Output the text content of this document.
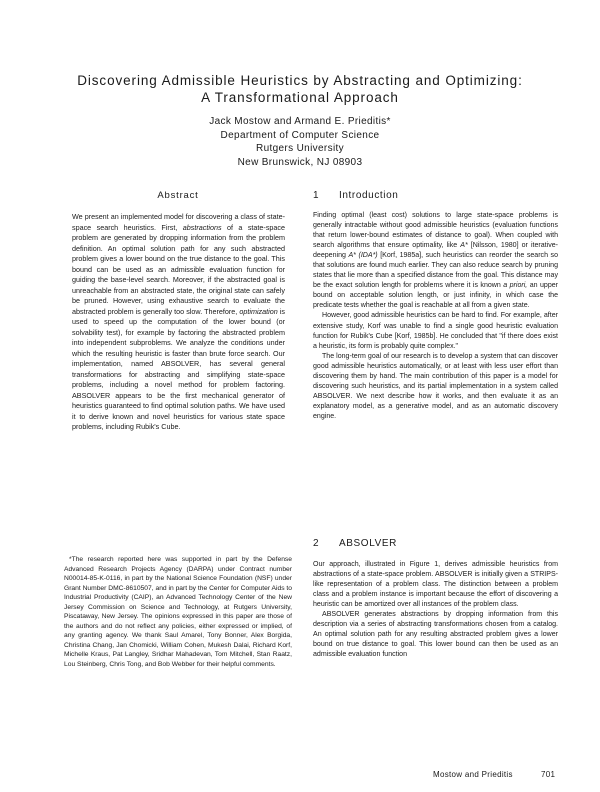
Discovering Admissible Heuristics by Abstracting and Optimizing:
A Transformational Approach
Jack Mostow and Armand E. Prieditis*
Department of Computer Science
Rutgers University
New Brunswick, NJ 08903
Abstract

We present an implemented model for discovering a class of state-space search heuristics. First, abstractions of a state-space problem are generated by dropping information from the problem definition. An optimal solution path for any such abstracted problem gives a lower bound on the true distance to the goal. This bound can be used as an admissible evaluation function for guiding the base-level search. Moreover, if the abstracted goal is unreachable from an abstracted state, the original state can safely be pruned. However, using exhaustive search to evaluate the abstracted problem is generally too slow. Therefore, optimization is used to speed up the computation of the lower bound (or solvability test), for example by factoring the abstracted problem into independent subproblems. We analyze the conditions under which the resulting heuristic is faster than brute force search. Our implementation, named ABSOLVER, has several general transformations for abstracting and simplifying state-space problems, including a novel method for problem factoring. ABSOLVER appears to be the first mechanical generator of heuristics guaranteed to find optimal solution paths. We have used it to derive known and novel heuristics for various state space problems, including Rubik's Cube.

*The research reported here was supported in part by the Defense Advanced Research Projects Agency (DARPA) under Contract number N00014-85-K-0116, in part by the National Science Foundation (NSF) under Grant Number DMC-8610507, and in part by the Center for Computer Aids to Industrial Productivity (CAIP), an Advanced Technology Center of the New Jersey Commission on Science and Technology, at Rutgers University, Piscataway, New Jersey. The opinions expressed in this paper are those of the authors and do not reflect any policies, either expressed or implied, of any granting agency. We thank Saul Amarel, Tony Bonner, Alex Borgida, Christina Chang, Jan Chomicki, William Cohen, Mukesh Dalai, Richard Korf, Michelle Kraus, Pat Langley, Sridhar Mahadevan, Tom Mitchell, Stan Raatz, Lou Steinberg, Chris Tong, and Bob Webber for their helpful comments.

1 Introduction

Finding optimal (least cost) solutions to large state-space problems is generally intractable without good admissible heuristics (evaluation functions that return lower-bound estimates of distance to goal). When coupled with search algorithms that ensure optimality, like A* [Nilsson, 1980] or iterative-deepening A* (IDA*) [Korf, 1985a], such heuristics can reorder the search so that solutions are found much earlier. They can also reduce search by pruning states that lie more than a specified distance from the goal. This distance may be the exact solution length for problems where it is known a priori, an upper bound on acceptable solution length, or just infinity, in which case the predicate tests whether the goal is reachable at all from a given state.

However, good admissible heuristics can be hard to find. For example, after extensive study, Korf was unable to find a single good heuristic evaluation function for Rubik's Cube [Korf, 1985b]. He concluded that "if there does exist a heuristic, its form is probably quite complex."

The long-term goal of our research is to develop a system that can discover good admissible heuristics automatically, or at least with less user effort than discovering them by hand. The main contribution of this paper is a model for discovering such heuristics, and its partial implementation in a system called ABSOLVER. We next describe how it works, and then evaluate it as an explanatory model, as a generative model, and as an automatic discovery engine.

2 ABSOLVER

Our approach, illustrated in Figure 1, derives admissible heuristics from abstractions of a state-space problem. ABSOLVER is initially given a STRIPS-like representation of a problem class. The distinction between a problem class and a problem instance is important because the effort of discovering a heuristic can be amortized over all instances of the problem class.

ABSOLVER generates abstractions by dropping information from this description via a series of abstracting transformations chosen from a catalog. An optimal solution path for any resulting abstracted problem gives a lower bound on true distance to goal. This lower bound can then be used as an admissible evaluation function

Mostow and Prieditis	701
